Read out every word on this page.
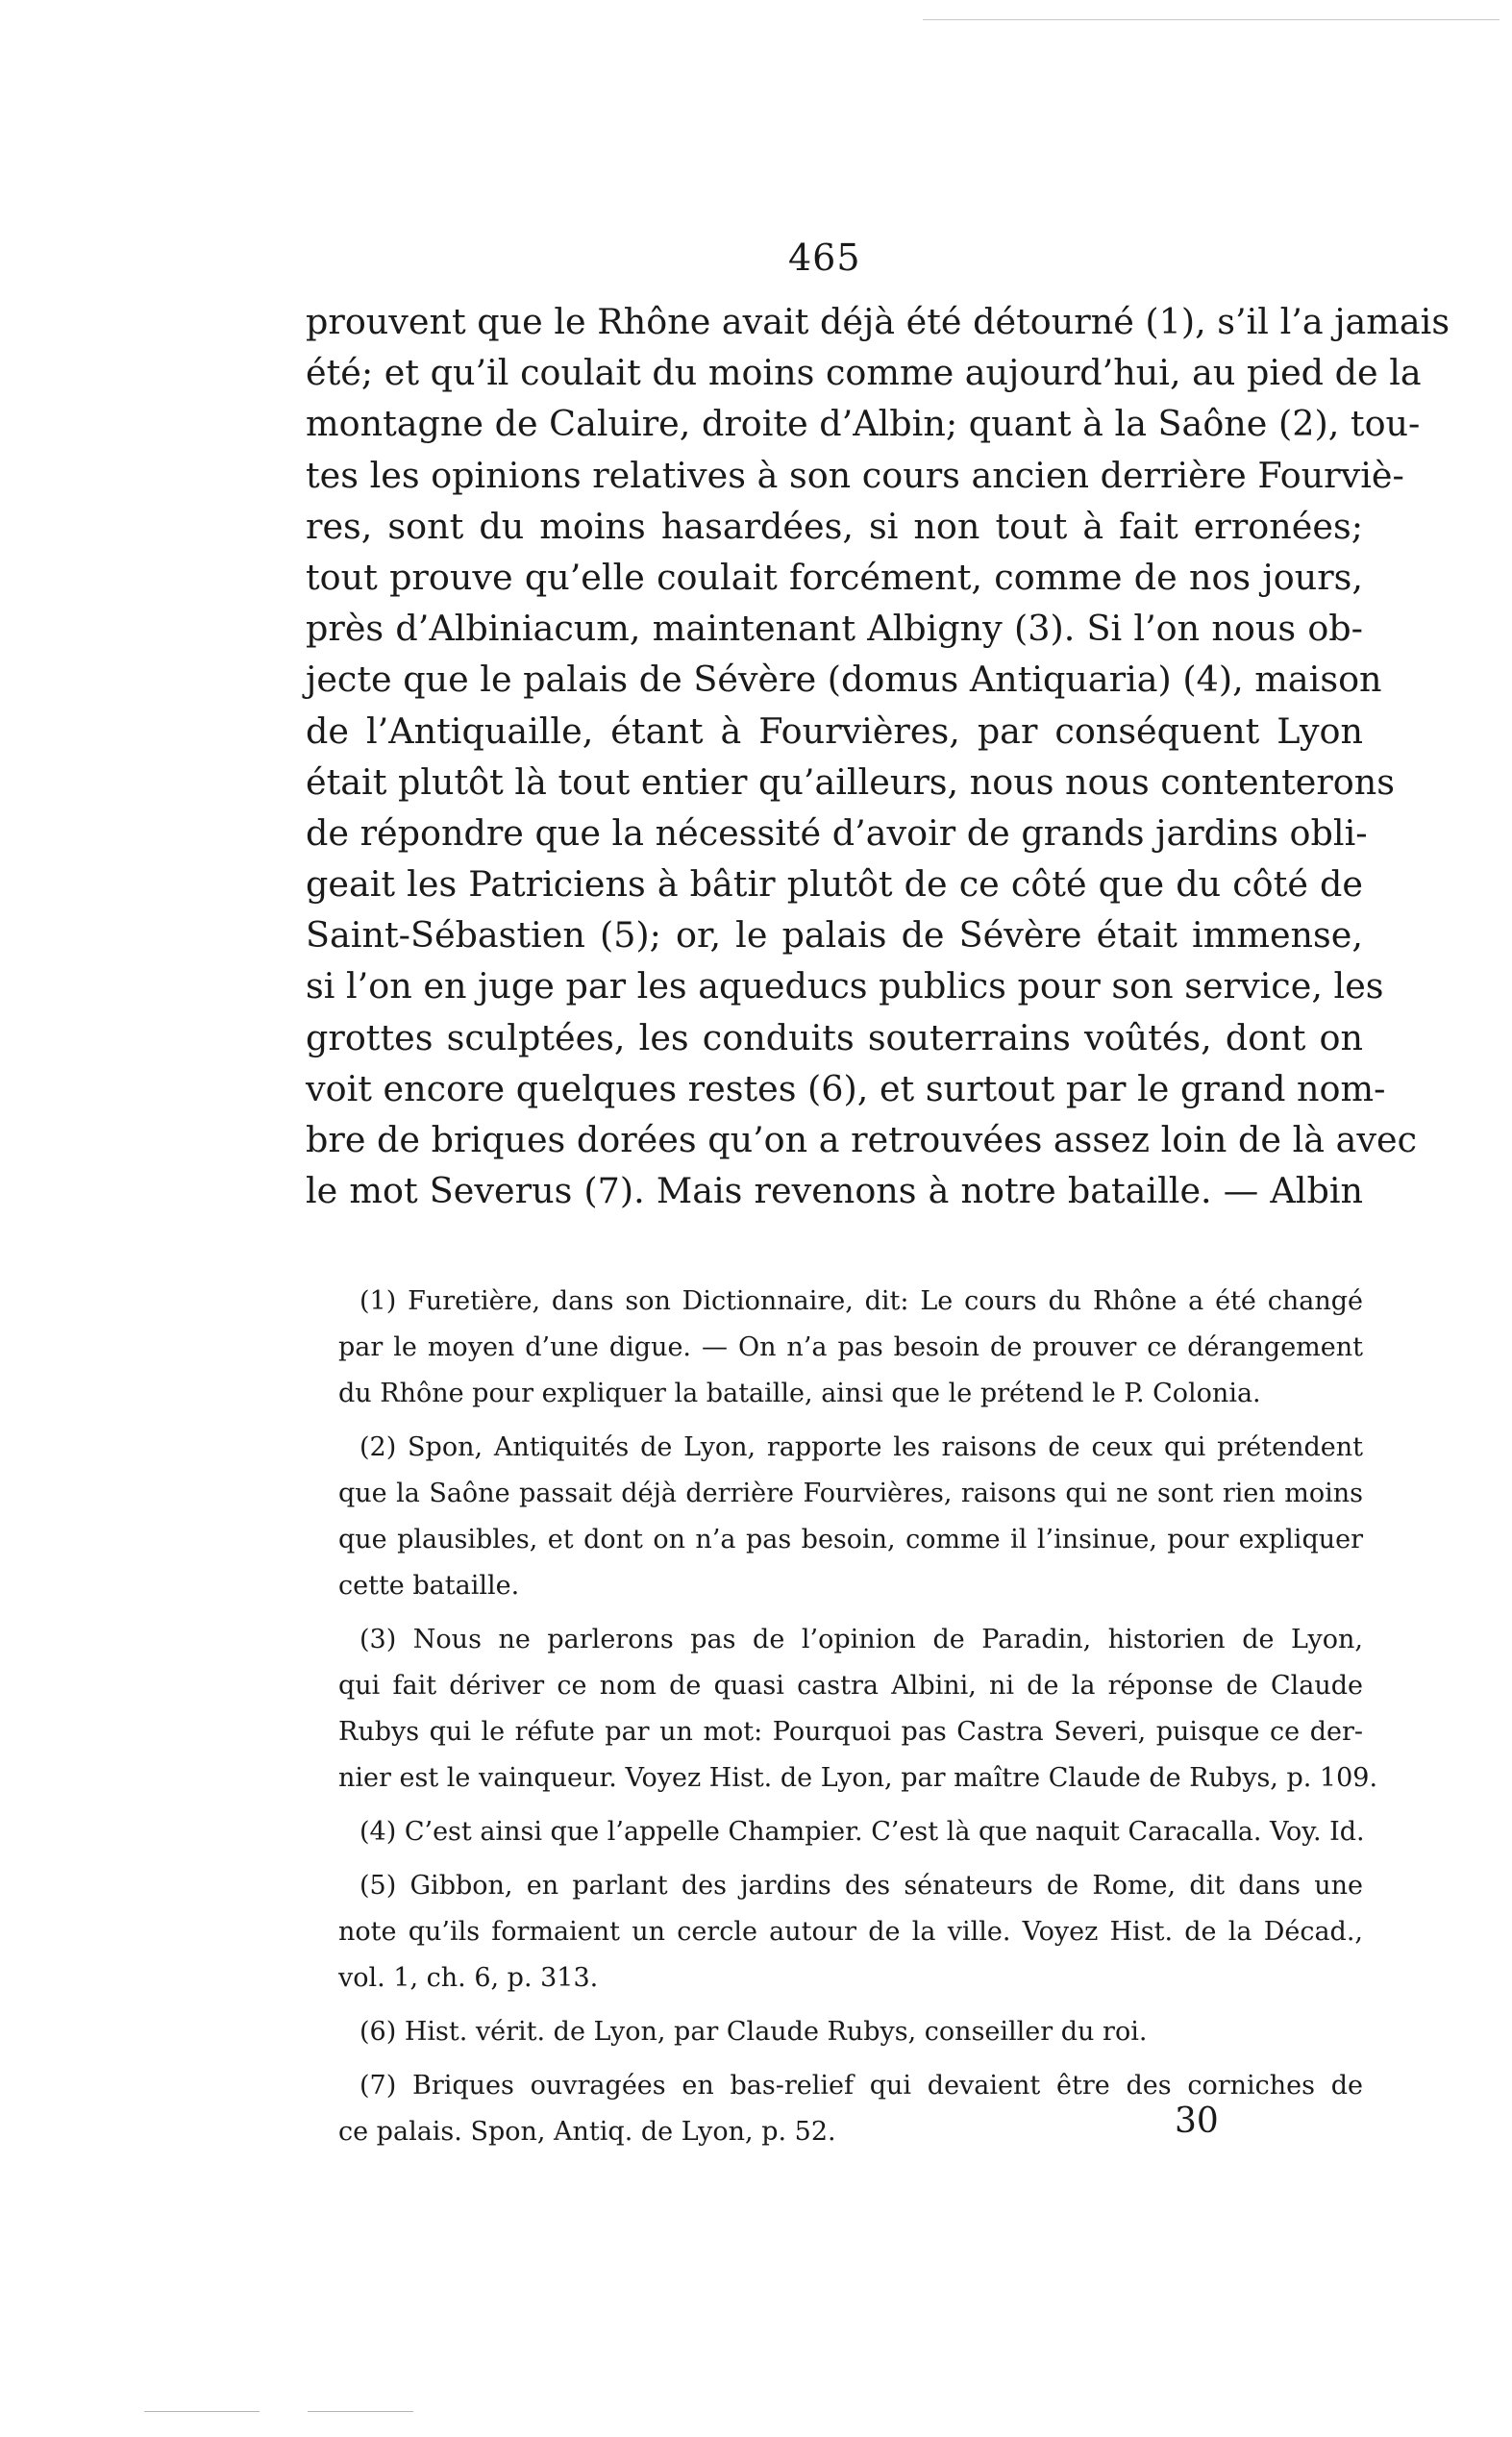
465
prouvent que le Rhône avait déjà été détourné (1), s’il l’a jamais
été; et qu’il coulait du moins comme aujourd’hui, au pied de la
montagne de Caluire, droite d’Albin; quant à la Saône (2), tou-
tes les opinions relatives à son cours ancien derrière Fourviè-
res, sont du moins hasardées, si non tout à fait erronées;
tout prouve qu’elle coulait forcément, comme de nos jours,
près d’Albiniacum, maintenant Albigny (3). Si l’on nous ob-
jecte que le palais de Sévère (domus Antiquaria) (4), maison
de l’Antiquaille, étant à Fourvières, par conséquent Lyon
était plutôt là tout entier qu’ailleurs, nous nous contenterons
de répondre que la nécessité d’avoir de grands jardins obli-
geait les Patriciens à bâtir plutôt de ce côté que du côté de
Saint-Sébastien (5); or, le palais de Sévère était immense,
si l’on en juge par les aqueducs publics pour son service, les
grottes sculptées, les conduits souterrains voûtés, dont on
voit encore quelques restes (6), et surtout par le grand nom-
bre de briques dorées qu’on a retrouvées assez loin de là avec
le mot Severus (7). Mais revenons à notre bataille. — Albin
(1) Furetière, dans son Dictionnaire, dit: Le cours du Rhône a été changé
par le moyen d’une digue. — On n’a pas besoin de prouver ce dérangement
du Rhône pour expliquer la bataille, ainsi que le prétend le P. Colonia.
(2) Spon, Antiquités de Lyon, rapporte les raisons de ceux qui prétendent
que la Saône passait déjà derrière Fourvières, raisons qui ne sont rien moins
que plausibles, et dont on n’a pas besoin, comme il l’insinue, pour expliquer
cette bataille.
(3) Nous ne parlerons pas de l’opinion de Paradin, historien de Lyon,
qui fait dériver ce nom de quasi castra Albini, ni de la réponse de Claude
Rubys qui le réfute par un mot: Pourquoi pas Castra Severi, puisque ce der-
nier est le vainqueur. Voyez Hist. de Lyon, par maître Claude de Rubys, p. 109.
(4) C’est ainsi que l’appelle Champier. C’est là que naquit Caracalla. Voy. Id.
(5) Gibbon, en parlant des jardins des sénateurs de Rome, dit dans une
note qu’ils formaient un cercle autour de la ville. Voyez Hist. de la Décad.,
vol. 1, ch. 6, p. 313.
(6) Hist. vérit. de Lyon, par Claude Rubys, conseiller du roi.
(7) Briques ouvragées en bas-relief qui devaient être des corniches de
ce palais. Spon, Antiq. de Lyon, p. 52.	30
